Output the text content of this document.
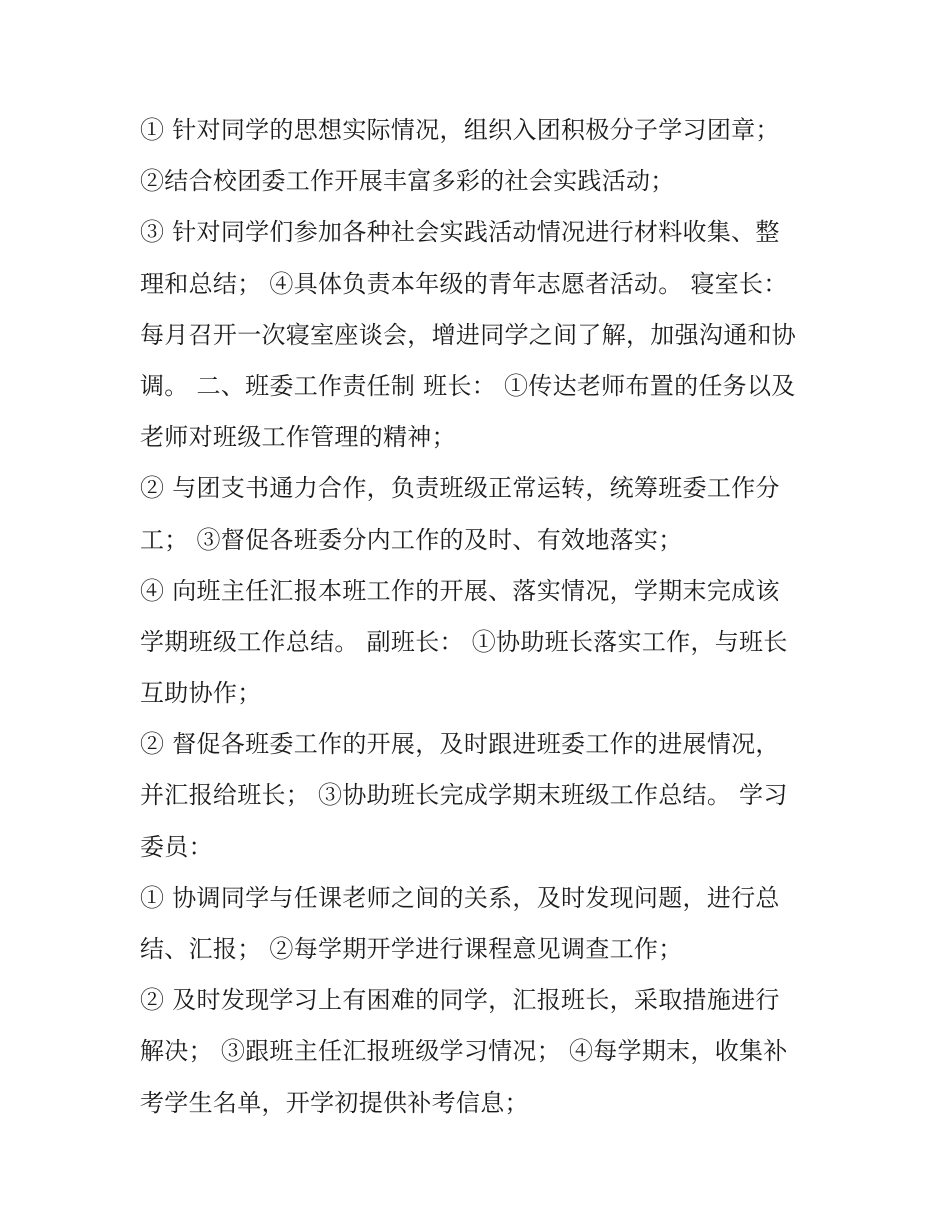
① 针对同学的思想实际情况，组织入团积极分子学习团章；
②结合校团委工作开展丰富多彩的社会实践活动；
③ 针对同学们参加各种社会实践活动情况进行材料收集、整
理和总结； ④具体负责本年级的青年志愿者活动。 寝室长：
每月召开一次寝室座谈会，增进同学之间了解，加强沟通和协
调。 二、班委工作责任制 班长： ①传达老师布置的任务以及
老师对班级工作管理的精神；
② 与团支书通力合作，负责班级正常运转，统筹班委工作分
工； ③督促各班委分内工作的及时、有效地落实；
④ 向班主任汇报本班工作的开展、落实情况，学期末完成该
学期班级工作总结。 副班长： ①协助班长落实工作，与班长
互助协作；
② 督促各班委工作的开展，及时跟进班委工作的进展情况，
并汇报给班长； ③协助班长完成学期末班级工作总结。 学习
委员：
① 协调同学与任课老师之间的关系，及时发现问题，进行总
结、汇报； ②每学期开学进行课程意见调查工作；
② 及时发现学习上有困难的同学，汇报班长，采取措施进行
解决； ③跟班主任汇报班级学习情况； ④每学期末，收集补
考学生名单，开学初提供补考信息；
